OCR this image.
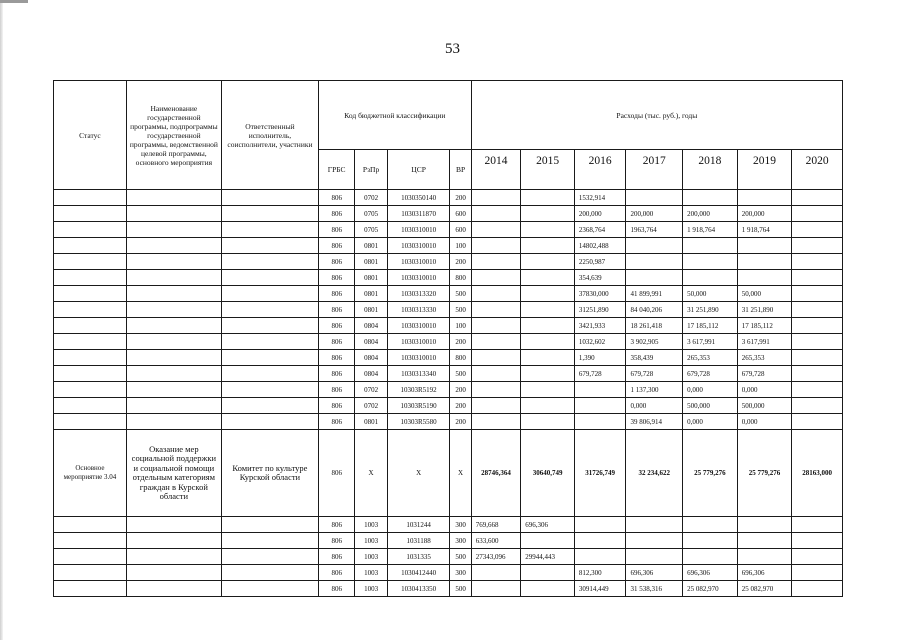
53
Статус	Наименование государственной программы, подпрограммы государственной программы, ведомственной целевой программы, основного мероприятия	Ответственный исполнитель, соисполнители, участники	Код бюджетной классификации				Расходы (тыс. руб.), годы						
			ГРБС	РзПр	ЦСР	ВР	2014	2015	2016	2017	2018	2019	2020
			806	0702	1030350140	200			1532,914				
			806	0705	1030311870	600			200,000	200,000	200,000	200,000	
			806	0705	1030310010	600			2368,764	1963,764	1 918,764	1 918,764	
			806	0801	1030310010	100			14802,488				
			806	0801	1030310010	200			2250,987				
			806	0801	1030310010	800			354,639				
			806	0801	1030313320	500			37830,000	41 899,991	50,000	50,000	
			806	0801	1030313330	500			31251,890	84 040,206	31 251,890	31 251,890	
			806	0804	1030310010	100			3421,933	18 261,418	17 185,112	17 185,112	
			806	0804	1030310010	200			1032,602	3 902,905	3 617,991	3 617,991	
			806	0804	1030310010	800			1,390	358,439	265,353	265,353	
			806	0804	1030313340	500			679,728	679,728	679,728	679,728	
			806	0702	10303R5192	200				1 137,300	0,000	0,000	
			806	0702	10303R5190	200				0,000	500,000	500,000	
			806	0801	10303R5580	200				39 806,914	0,000	0,000	
Основное мероприятие 3.04	Оказание мер социальной поддержки и социальной помощи отдельным категориям граждан в Курской области	Комитет по культуре Курской области	806	X	X	X	28746,364	30640,749	31726,749	32 234,622	25 779,276	25 779,276	28163,000
			806	1003	1031244	300	769,668	696,306					
			806	1003	1031188	300	633,600						
			806	1003	1031335	500	27343,096	29944,443					
			806	1003	1030412440	300			812,300	696,306	696,306	696,306	
			806	1003	1030413350	500			30914,449	31 538,316	25 082,970	25 082,970	
